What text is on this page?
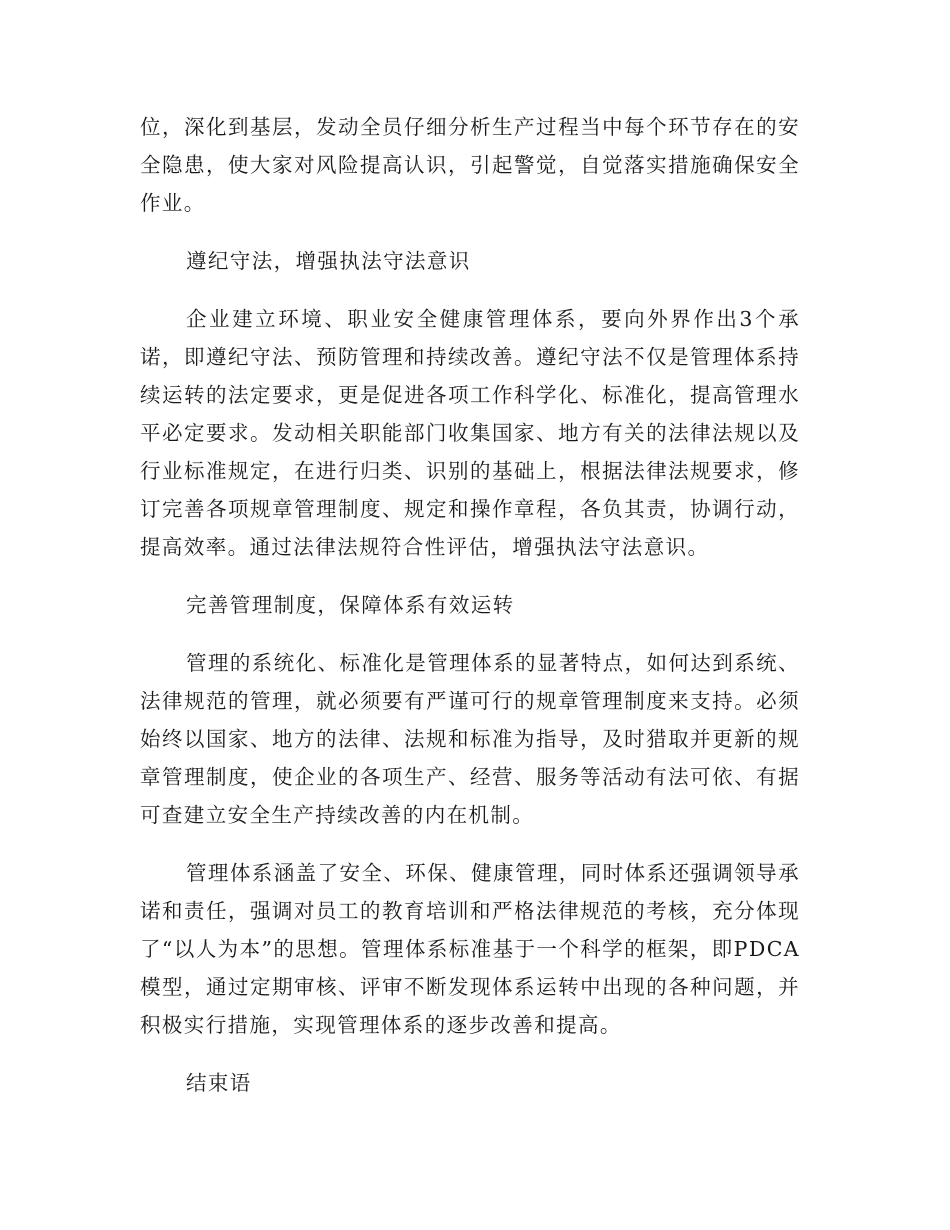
位，深化到基层，发动全员仔细分析生产过程当中每个环节存在的安全隐患，使大家对风险提高认识，引起警觉，自觉落实措施确保安全作业。

遵纪守法，增强执法守法意识

企业建立环境、职业安全健康管理体系，要向外界作出3个承诺，即遵纪守法、预防管理和持续改善。遵纪守法不仅是管理体系持续运转的法定要求，更是促进各项工作科学化、标准化，提高管理水平必定要求。发动相关职能部门收集国家、地方有关的法律法规以及行业标准规定，在进行归类、识别的基础上，根据法律法规要求，修订完善各项规章管理制度、规定和操作章程，各负其责，协调行动，提高效率。通过法律法规符合性评估，增强执法守法意识。

完善管理制度，保障体系有效运转

管理的系统化、标准化是管理体系的显著特点，如何达到系统、法律规范的管理，就必须要有严谨可行的规章管理制度来支持。必须始终以国家、地方的法律、法规和标准为指导，及时猎取并更新的规章管理制度，使企业的各项生产、经营、服务等活动有法可依、有据可查建立安全生产持续改善的内在机制。

管理体系涵盖了安全、环保、健康管理，同时体系还强调领导承诺和责任，强调对员工的教育培训和严格法律规范的考核，充分体现了“以人为本”的思想。管理体系标准基于一个科学的框架，即PDCA模型，通过定期审核、评审不断发现体系运转中出现的各种问题，并积极实行措施，实现管理体系的逐步改善和提高。

结束语
